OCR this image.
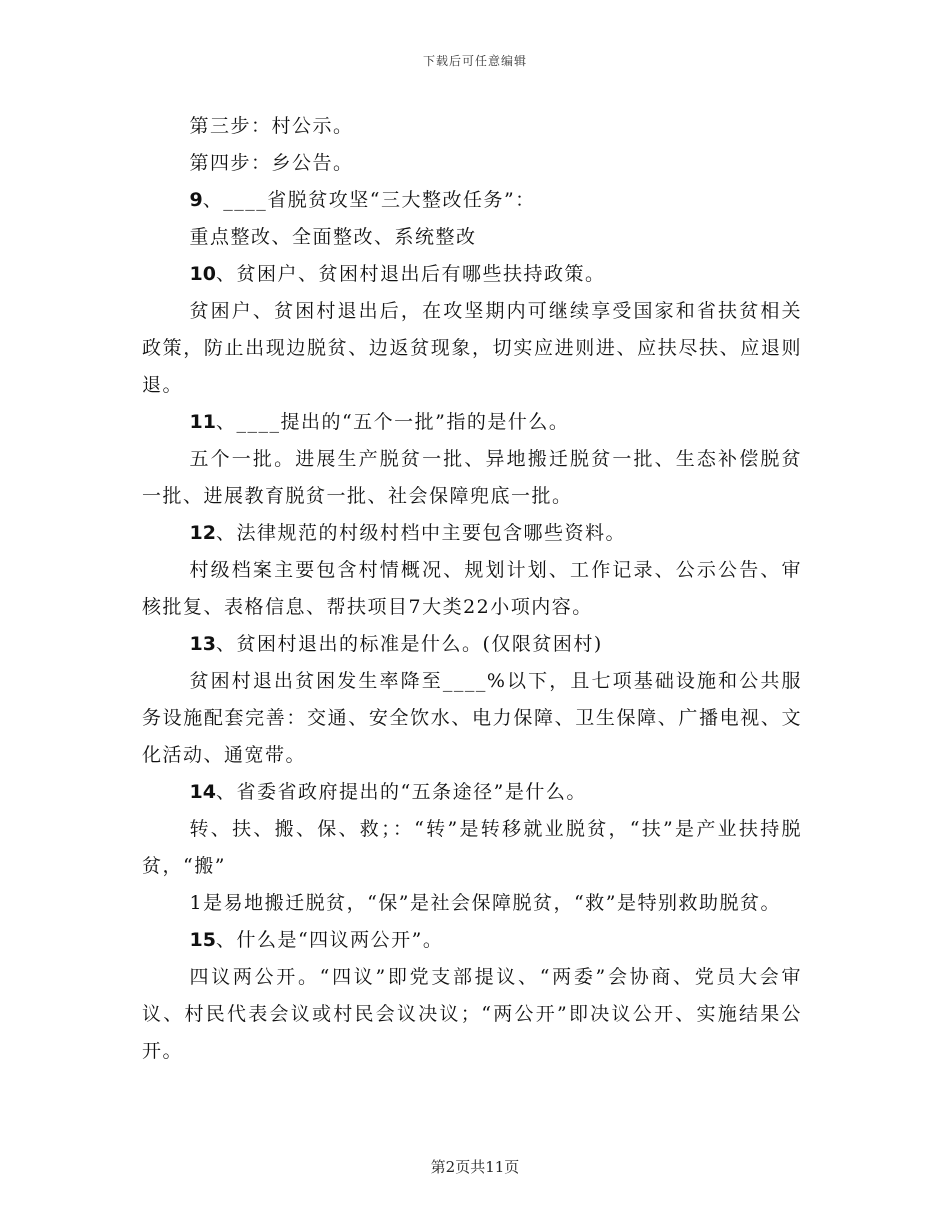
下载后可任意编辑

第三步：村公示。

第四步：乡公告。

9、____省脱贫攻坚“三大整改任务”：

重点整改、全面整改、系统整改

10、贫困户、贫困村退出后有哪些扶持政策。

贫困户、贫困村退出后，在攻坚期内可继续享受国家和省扶贫相关政策，防止出现边脱贫、边返贫现象，切实应进则进、应扶尽扶、应退则退。

11、____提出的“五个一批”指的是什么。

五个一批。进展生产脱贫一批、异地搬迁脱贫一批、生态补偿脱贫一批、进展教育脱贫一批、社会保障兜底一批。

12、法律规范的村级村档中主要包含哪些资料。

村级档案主要包含村情概况、规划计划、工作记录、公示公告、审核批复、表格信息、帮扶项目7大类22小项内容。

13、贫困村退出的标准是什么。(仅限贫困村)

贫困村退出贫困发生率降至____%以下，且七项基础设施和公共服务设施配套完善：交通、安全饮水、电力保障、卫生保障、广播电视、文化活动、通宽带。

14、省委省政府提出的“五条途径”是什么。

转、扶、搬、保、救；：“转”是转移就业脱贫，“扶”是产业扶持脱贫，“搬”

1是易地搬迁脱贫，“保”是社会保障脱贫，“救”是特别救助脱贫。

15、什么是“四议两公开”。

四议两公开。“四议”即党支部提议、“两委”会协商、党员大会审议、村民代表会议或村民会议决议；“两公开”即决议公开、实施结果公开。

第2页共11页
